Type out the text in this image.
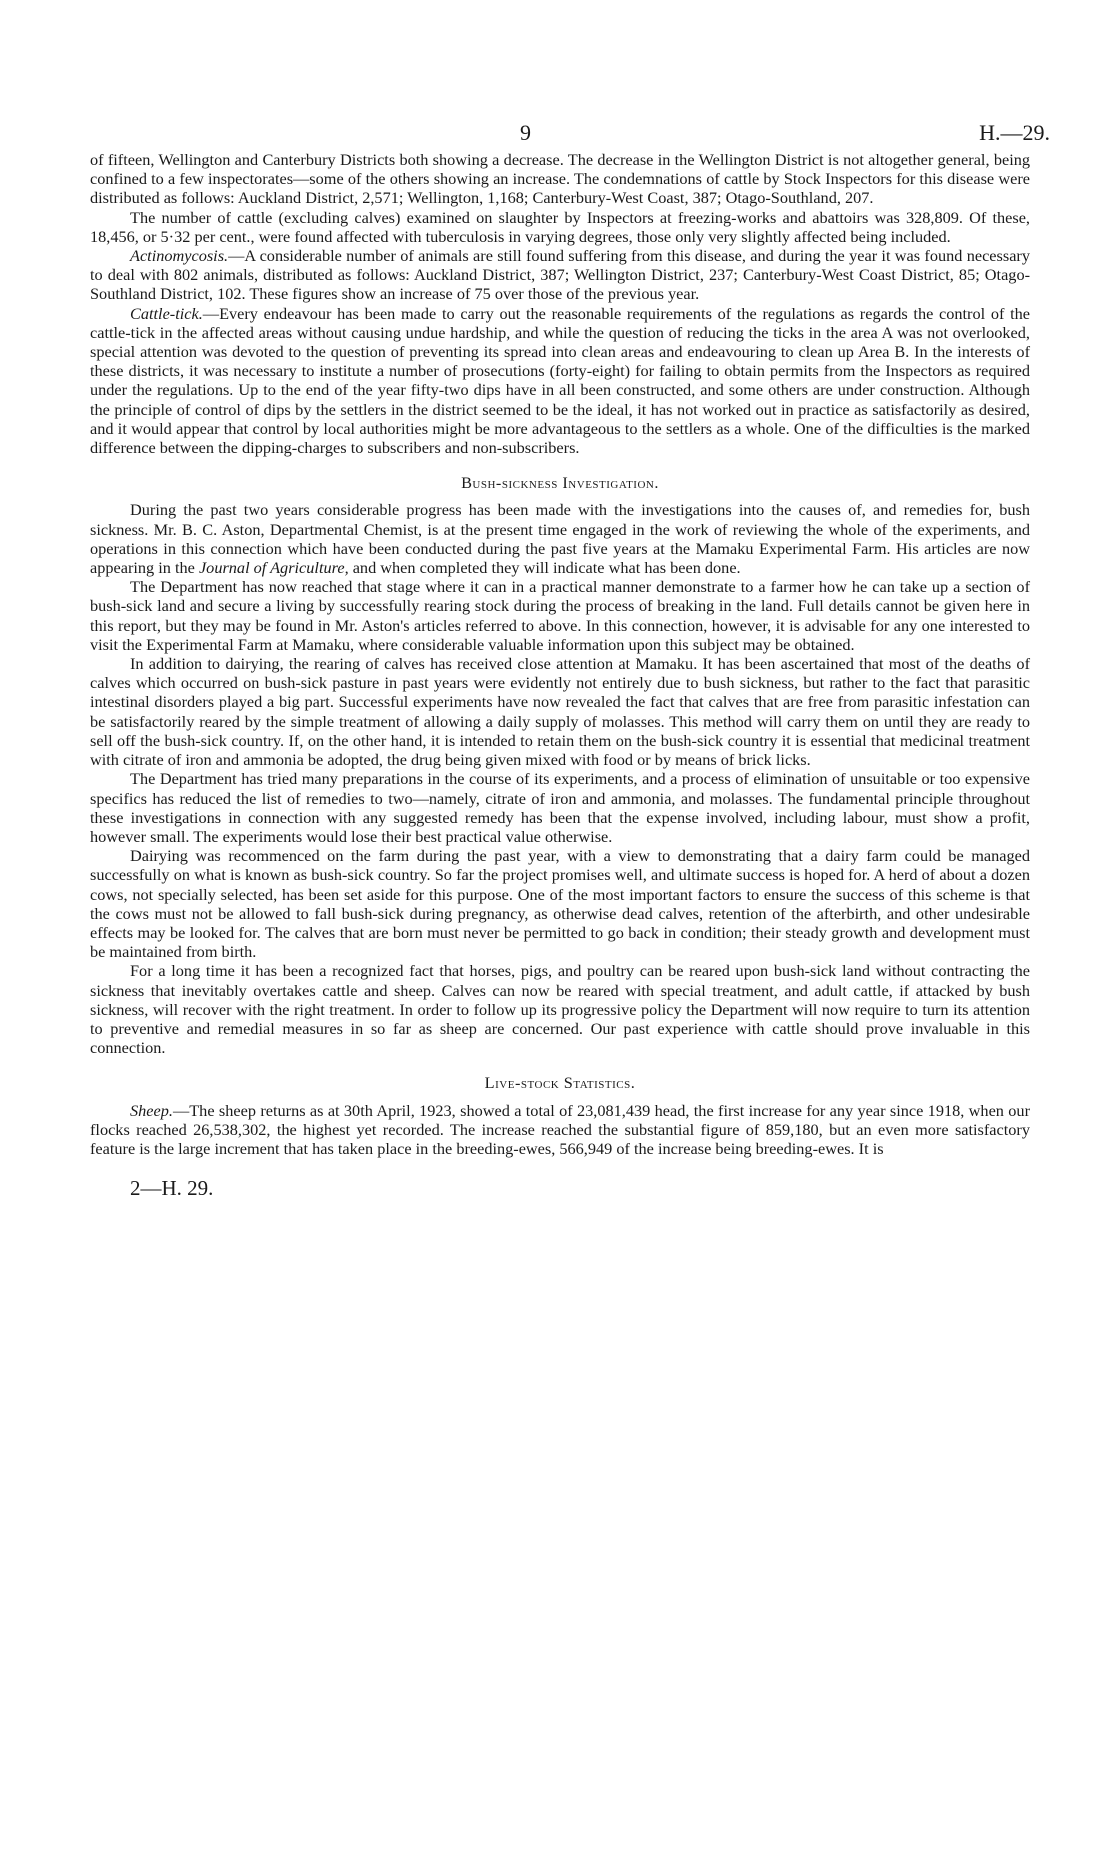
9	H.—29.

of fifteen, Wellington and Canterbury Districts both showing a decrease. The decrease in the Wellington District is not altogether general, being confined to a few inspectorates—some of the others showing an increase. The condemnations of cattle by Stock Inspectors for this disease were distributed as follows: Auckland District, 2,571; Wellington, 1,168; Canterbury-West Coast, 387; Otago-Southland, 207.

The number of cattle (excluding calves) examined on slaughter by Inspectors at freezing-works and abattoirs was 328,809. Of these, 18,456, or 5·32 per cent., were found affected with tuberculosis in varying degrees, those only very slightly affected being included.

Actinomycosis.—A considerable number of animals are still found suffering from this disease, and during the year it was found necessary to deal with 802 animals, distributed as follows: Auckland District, 387; Wellington District, 237; Canterbury-West Coast District, 85; Otago-Southland District, 102. These figures show an increase of 75 over those of the previous year.

Cattle-tick.—Every endeavour has been made to carry out the reasonable requirements of the regulations as regards the control of the cattle-tick in the affected areas without causing undue hardship, and while the question of reducing the ticks in the area A was not overlooked, special attention was devoted to the question of preventing its spread into clean areas and endeavouring to clean up Area B. In the interests of these districts, it was necessary to institute a number of prosecutions (forty-eight) for failing to obtain permits from the Inspectors as required under the regulations. Up to the end of the year fifty-two dips have in all been constructed, and some others are under construction. Although the principle of control of dips by the settlers in the district seemed to be the ideal, it has not worked out in practice as satisfactorily as desired, and it would appear that control by local authorities might be more advantageous to the settlers as a whole. One of the difficulties is the marked difference between the dipping-charges to subscribers and non-subscribers.

Bush-sickness Investigation.

During the past two years considerable progress has been made with the investigations into the causes of, and remedies for, bush sickness. Mr. B. C. Aston, Departmental Chemist, is at the present time engaged in the work of reviewing the whole of the experiments, and operations in this connection which have been conducted during the past five years at the Mamaku Experimental Farm. His articles are now appearing in the Journal of Agriculture, and when completed they will indicate what has been done.

The Department has now reached that stage where it can in a practical manner demonstrate to a farmer how he can take up a section of bush-sick land and secure a living by successfully rearing stock during the process of breaking in the land. Full details cannot be given here in this report, but they may be found in Mr. Aston's articles referred to above. In this connection, however, it is advisable for any one interested to visit the Experimental Farm at Mamaku, where considerable valuable information upon this subject may be obtained.

In addition to dairying, the rearing of calves has received close attention at Mamaku. It has been ascertained that most of the deaths of calves which occurred on bush-sick pasture in past years were evidently not entirely due to bush sickness, but rather to the fact that parasitic intestinal disorders played a big part. Successful experiments have now revealed the fact that calves that are free from parasitic infestation can be satisfactorily reared by the simple treatment of allowing a daily supply of molasses. This method will carry them on until they are ready to sell off the bush-sick country. If, on the other hand, it is intended to retain them on the bush-sick country it is essential that medicinal treatment with citrate of iron and ammonia be adopted, the drug being given mixed with food or by means of brick licks.

The Department has tried many preparations in the course of its experiments, and a process of elimination of unsuitable or too expensive specifics has reduced the list of remedies to two—namely, citrate of iron and ammonia, and molasses. The fundamental principle throughout these investigations in connection with any suggested remedy has been that the expense involved, including labour, must show a profit, however small. The experiments would lose their best practical value otherwise.

Dairying was recommenced on the farm during the past year, with a view to demonstrating that a dairy farm could be managed successfully on what is known as bush-sick country. So far the project promises well, and ultimate success is hoped for. A herd of about a dozen cows, not specially selected, has been set aside for this purpose. One of the most important factors to ensure the success of this scheme is that the cows must not be allowed to fall bush-sick during pregnancy, as otherwise dead calves, retention of the afterbirth, and other undesirable effects may be looked for. The calves that are born must never be permitted to go back in condition; their steady growth and development must be maintained from birth.

For a long time it has been a recognized fact that horses, pigs, and poultry can be reared upon bush-sick land without contracting the sickness that inevitably overtakes cattle and sheep. Calves can now be reared with special treatment, and adult cattle, if attacked by bush sickness, will recover with the right treatment. In order to follow up its progressive policy the Department will now require to turn its attention to preventive and remedial measures in so far as sheep are concerned. Our past experience with cattle should prove invaluable in this connection.

Live-stock Statistics.

Sheep.—The sheep returns as at 30th April, 1923, showed a total of 23,081,439 head, the first increase for any year since 1918, when our flocks reached 26,538,302, the highest yet recorded. The increase reached the substantial figure of 859,180, but an even more satisfactory feature is the large increment that has taken place in the breeding-ewes, 566,949 of the increase being breeding-ewes. It is

2—H. 29.
